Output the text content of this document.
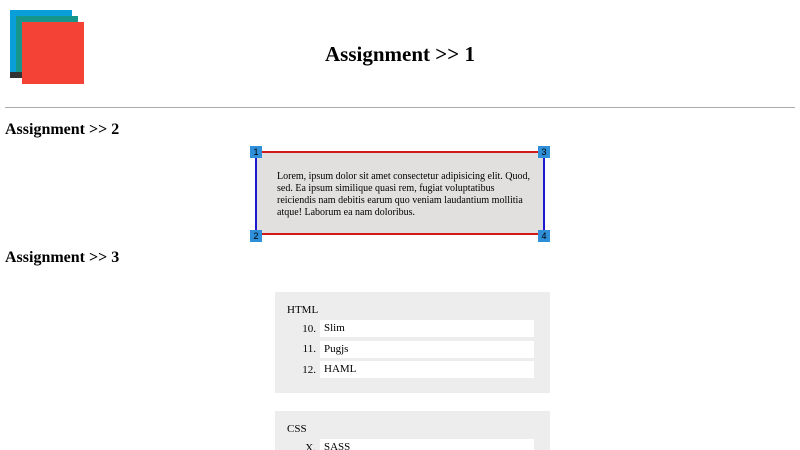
Assignment >> 1
Assignment >> 2

Lorem, ipsum dolor sit amet consectetur adipisicing elit. Quod, sed. Ea ipsum similique quasi rem, fugiat voluptatibus reiciendis nam debitis earum quo veniam laudantium mollitia atque! Laborum ea nam doloribus.

1
2
3
4
Assignment >> 3
HTML
10. Slim
11. Pugjs
12. HAML
CSS
X. SASS
